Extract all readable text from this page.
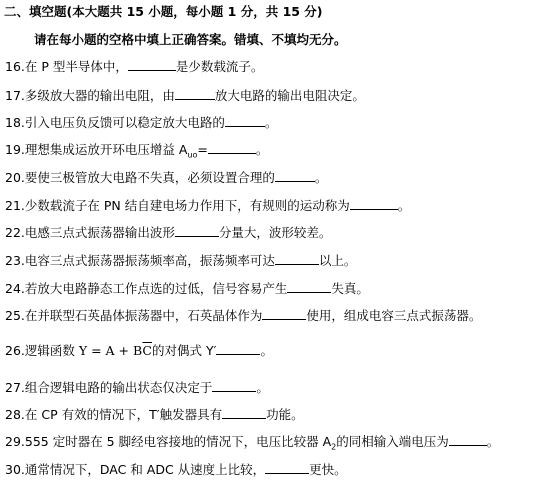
二、填空题(本大题共 15 小题，每小题 1 分，共 15 分)
请在每小题的空格中填上正确答案。错填、不填均无分。
16.在 P 型半导体中，	是少数载流子。
17.多级放大器的输出电阻，由	放大电路的输出电阻决定。
18.引入电压负反馈可以稳定放大电路的	。
19.理想集成运放开环电压增益 $A_{uo}=$	。
20.要使三极管放大电路不失真，必须设置合理的	。
21.少数载流子在 PN 结自建电场力作用下，有规则的运动称为	。
22.电感三点式振荡器输出波形	分量大，波形较差。
23.电容三点式振荡器振荡频率高，振荡频率可达	以上。
24.若放大电路静态工作点选的过低，信号容易产生	失真。
25.在并联型石英晶体振荡器中，石英晶体作为	使用，组成电容三点式振荡器。
26.逻辑函数 $Y = A + B\overline{C}$的对偶式 Y′	。
27.组合逻辑电路的输出状态仅决定于	。
28.在 CP 有效的情况下，T′触发器具有	功能。
29.555 定时器在 5 脚经电容接地的情况下，电压比较器 $A_2$的同相输入端电压为	。
30.通常情况下，DAC 和 ADC 从速度上比较，	更快。
